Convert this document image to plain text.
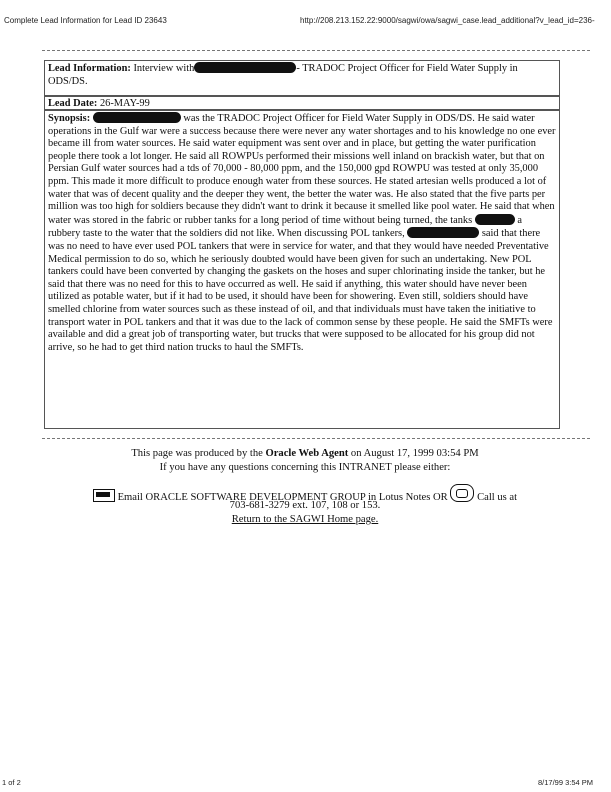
Complete Lead Information for Lead ID 23643	http://208.213.152.22:9000/sagwi/owa/sagwi_case.lead_additional?v_lead_id=236-
Lead Information: Interview with	- TRADOC Project Officer for Field Water Supply in ODS/DS.
Lead Date: 26-MAY-99

Synopsis:	was the TRADOC Project Officer for Field Water Supply in ODS/DS. He said water operations in the Gulf war were a success because there were never any water shortages and to his knowledge no one ever became ill from water sources. He said water equipment was sent over and in place, but getting the water purification people there took a lot longer. He said all ROWPUs performed their missions well inland on brackish water, but that on Persian Gulf water sources had a tds of 70,000 - 80,000 ppm, and the 150,000 gpd ROWPU was tested at only 35,000 ppm. This made it more difficult to produce enough water from these sources. He stated artesian wells produced a lot of water that was of decent quality and the deeper they went, the better the water was. He also stated that the five parts per million was too high for soldiers because they didn't want to drink it because it smelled like pool water. He said that when water was stored in the fabric or rubber tanks for a long period of time without being turned, the tanks	a rubbery taste to the water that the soldiers did not like. When discussing POL tankers,	said that there was no need to have ever used POL tankers that were in service for water, and that they would have needed Preventative Medical permission to do so, which he seriously doubted would have been given for such an undertaking. New POL tankers could have been converted by changing the gaskets on the hoses and super chlorinating inside the tanker, but he said that there was no need for this to have occurred as well. He said if anything, this water should have never been utilized as potable water, but if it had to be used, it should have been for showering. Even still, soldiers should have smelled chlorine from water sources such as these instead of oil, and that individuals must have taken the initiative to transport water in POL tankers and that it was due to the lack of common sense by these people. He said the SMFTs were available and did a great job of transporting water, but trucks that were supposed to be allocated for his group did not arrive, so he had to get third nation trucks to haul the SMFTs.

This page was produced by the Oracle Web Agent on August 17, 1999 03:54 PM
If you have any questions concerning this INTRANET please either:
Email ORACLE SOFTWARE DEVELOPMENT GROUP in Lotus Notes OR	Call us at
703-681-3279 ext. 107, 108 or 153.
Return to the SAGWI Home page.
1 of 2	8/17/99 3:54 PM
